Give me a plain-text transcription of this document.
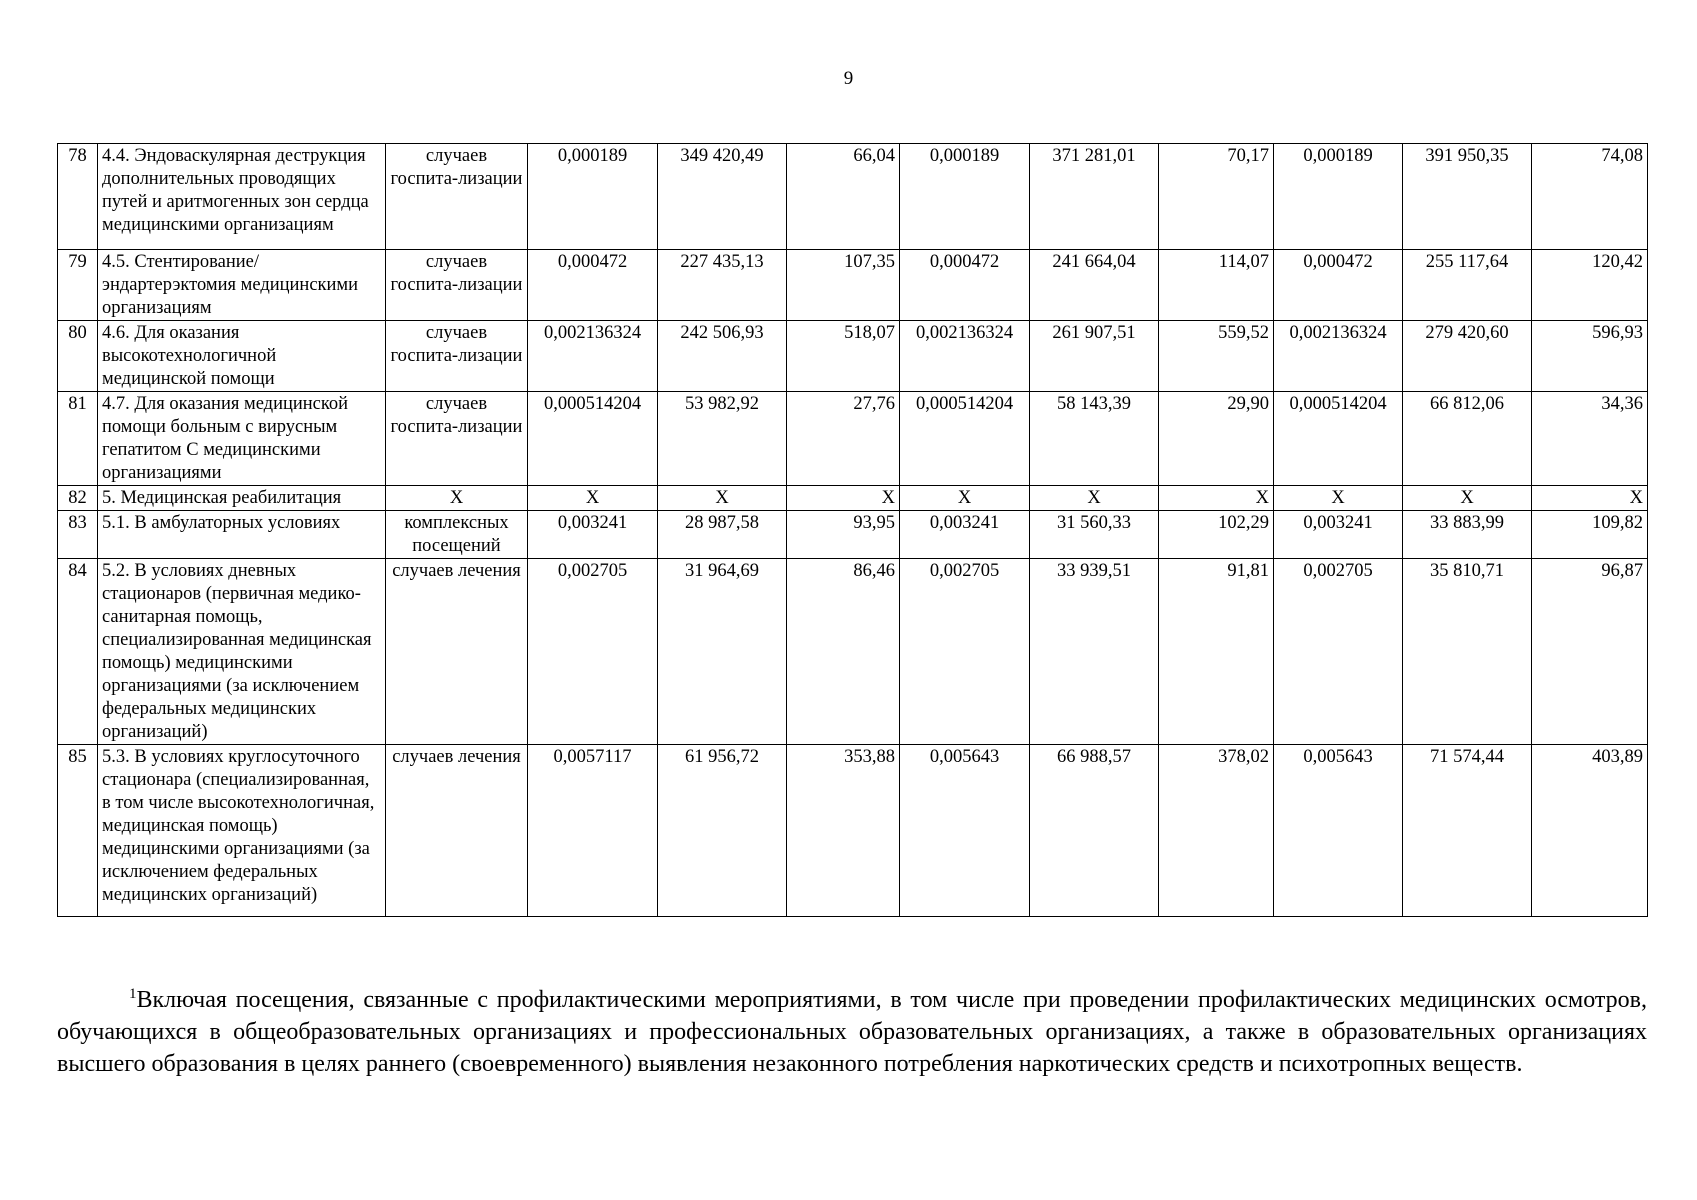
9
78	4.4. Эндоваскулярная деструкция дополнительных проводящих путей и аритмогенных зон сердца медицинскими организациям	случаев госпита-лизации	0,000189	349 420,49	66,04	0,000189	371 281,01	70,17	0,000189	391 950,35	74,08
79	4.5. Стентирование/ эндартерэктомия медицинскими организациям	случаев госпита-лизации	0,000472	227 435,13	107,35	0,000472	241 664,04	114,07	0,000472	255 117,64	120,42
80	4.6. Для оказания высокотехнологичной медицинской помощи	случаев госпита-лизации	0,002136324	242 506,93	518,07	0,002136324	261 907,51	559,52	0,002136324	279 420,60	596,93
81	4.7. Для оказания медицинской помощи больным с вирусным гепатитом С медицинскими организациями	случаев госпита-лизации	0,000514204	53 982,92	27,76	0,000514204	58 143,39	29,90	0,000514204	66 812,06	34,36
82	5. Медицинская реабилитация	Х	Х	Х	Х	Х	Х	Х	Х	Х	Х
83	5.1. В амбулаторных условиях	комплексных посещений	0,003241	28 987,58	93,95	0,003241	31 560,33	102,29	0,003241	33 883,99	109,82
84	5.2. В условиях дневных стационаров (первичная медико-санитарная помощь, специализированная медицинская помощь) медицинскими организациями (за исключением федеральных медицинских организаций)	случаев лечения	0,002705	31 964,69	86,46	0,002705	33 939,51	91,81	0,002705	35 810,71	96,87
85	5.3. В условиях круглосуточного стационара (специализированная, в том числе высокотехнологичная, медицинская помощь) медицинскими организациями (за исключением федеральных медицинских организаций)	случаев лечения	0,0057117	61 956,72	353,88	0,005643	66 988,57	378,02	0,005643	71 574,44	403,89
$^1$Включая посещения, связанные с профилактическими мероприятиями, в том числе при проведении профилактических медицинских осмотров, обучающихся в общеобразовательных организациях и профессиональных образовательных организациях, а также в образовательных организациях высшего образования в целях раннего (своевременного) выявления незаконного потребления наркотических средств и психотропных веществ.
